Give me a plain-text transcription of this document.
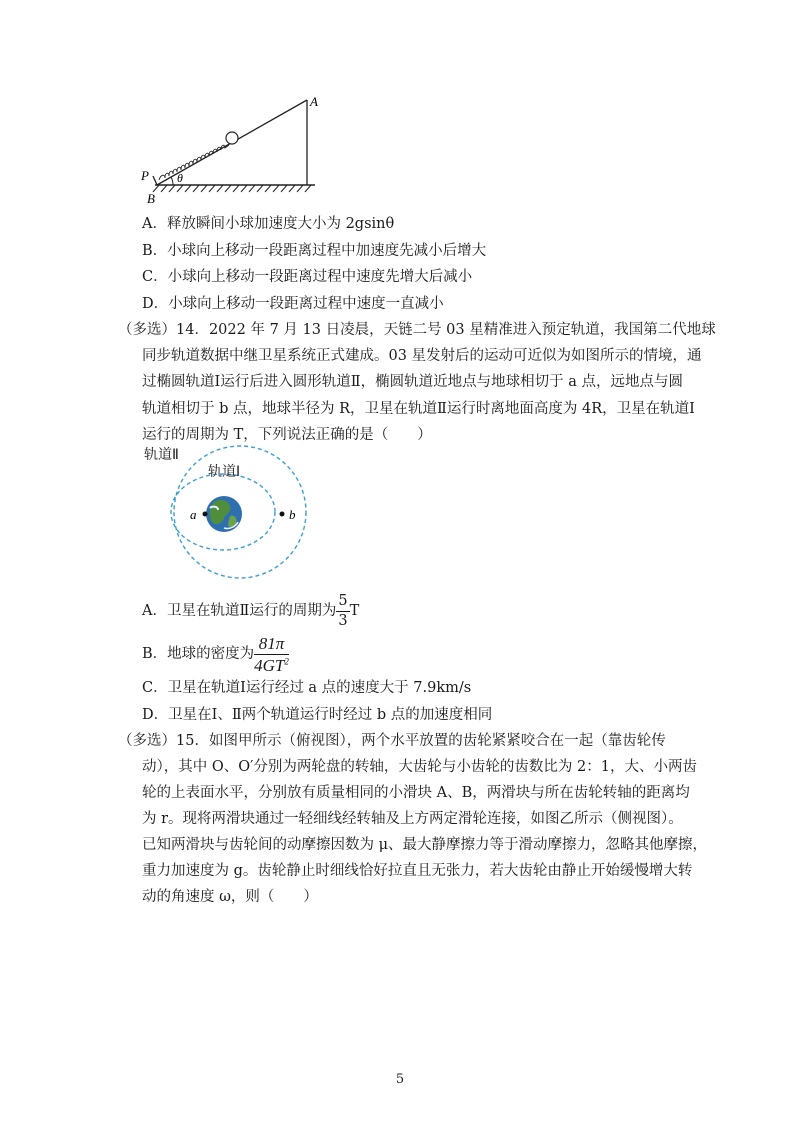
A
P
B
θ
A．释放瞬间小球加速度大小为 2gsinθ
B．小球向上移动一段距离过程中加速度先减小后增大
C．小球向上移动一段距离过程中速度先增大后减小
D．小球向上移动一段距离过程中速度一直减小
（多选）14．2022 年 7 月 13 日凌晨，天链二号 03 星精准进入预定轨道，我国第二代地球
同步轨道数据中继卫星系统正式建成。03 星发射后的运动可近似为如图所示的情境，通
过椭圆轨道Ⅰ运行后进入圆形轨道Ⅱ，椭圆轨道近地点与地球相切于 a 点，远地点与圆
轨道相切于 b 点，地球半径为 R，卫星在轨道Ⅱ运行时离地面高度为 4R，卫星在轨道Ⅰ
运行的周期为 T，下列说法正确的是（　　）
轨道Ⅱ
轨道Ⅰ
a	b
A．卫星在轨道Ⅱ运行的周期为 $\frac{5}{3}$ T
B．地球的密度为 $\frac{81\pi}{4GT^2}$
C．卫星在轨道Ⅰ运行经过 a 点的速度大于 7.9km/s
D．卫星在Ⅰ、Ⅱ两个轨道运行时经过 b 点的加速度相同
（多选）15．如图甲所示（俯视图），两个水平放置的齿轮紧紧咬合在一起（靠齿轮传
动），其中 O、O′分别为两轮盘的转轴，大齿轮与小齿轮的齿数比为 2：1，大、小两齿
轮的上表面水平，分别放有质量相同的小滑块 A、B，两滑块与所在齿轮转轴的距离均
为 r。现将两滑块通过一轻细线经转轴及上方两定滑轮连接，如图乙所示（侧视图）。
已知两滑块与齿轮间的动摩擦因数为 μ、最大静摩擦力等于滑动摩擦力，忽略其他摩擦，
重力加速度为 g。齿轮静止时细线恰好拉直且无张力，若大齿轮由静止开始缓慢增大转
动的角速度 ω，则（　　）
5
